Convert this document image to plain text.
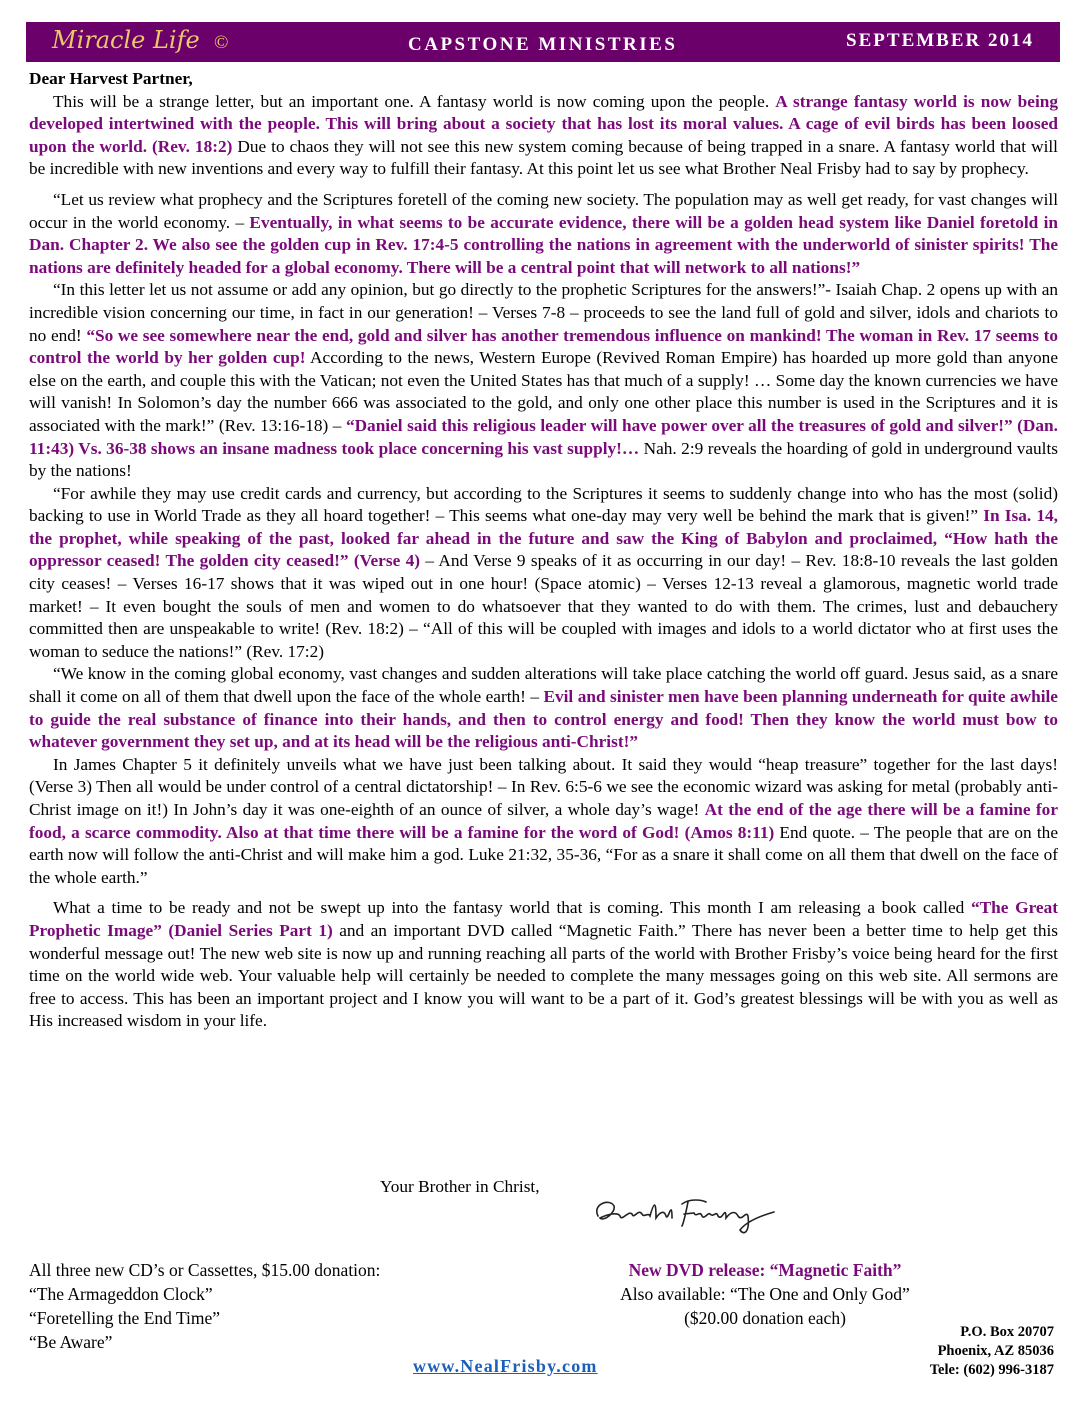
Miracle Life ©	CAPSTONE MINISTRIES	SEPTEMBER 2014
Dear Harvest Partner,

This will be a strange letter, but an important one. A fantasy world is now coming upon the people. A strange fantasy world is now being developed intertwined with the people. This will bring about a society that has lost its moral values. A cage of evil birds has been loosed upon the world. (Rev. 18:2) Due to chaos they will not see this new system coming because of being trapped in a snare. A fantasy world that will be incredible with new inventions and every way to fulfill their fantasy. At this point let us see what Brother Neal Frisby had to say by prophecy.

“Let us review what prophecy and the Scriptures foretell of the coming new society. The population may as well get ready, for vast changes will occur in the world economy. – Eventually, in what seems to be accurate evidence, there will be a golden head system like Daniel foretold in Dan. Chapter 2. We also see the golden cup in Rev. 17:4-5 controlling the nations in agreement with the underworld of sinister spirits! The nations are definitely headed for a global economy. There will be a central point that will network to all nations!”

“In this letter let us not assume or add any opinion, but go directly to the prophetic Scriptures for the answers!”- Isaiah Chap. 2 opens up with an incredible vision concerning our time, in fact in our generation! – Verses 7-8 – proceeds to see the land full of gold and silver, idols and chariots to no end! “So we see somewhere near the end, gold and silver has another tremendous influence on mankind! The woman in Rev. 17 seems to control the world by her golden cup! According to the news, Western Europe (Revived Roman Empire) has hoarded up more gold than anyone else on the earth, and couple this with the Vatican; not even the United States has that much of a supply! … Some day the known currencies we have will vanish! In Solomon’s day the number 666 was associated to the gold, and only one other place this number is used in the Scriptures and it is associated with the mark!” (Rev. 13:16-18) – “Daniel said this religious leader will have power over all the treasures of gold and silver!” (Dan. 11:43) Vs. 36-38 shows an insane madness took place concerning his vast supply!… Nah. 2:9 reveals the hoarding of gold in underground vaults by the nations!

“For awhile they may use credit cards and currency, but according to the Scriptures it seems to suddenly change into who has the most (solid) backing to use in World Trade as they all hoard together! – This seems what one-day may very well be behind the mark that is given!” In Isa. 14, the prophet, while speaking of the past, looked far ahead in the future and saw the King of Babylon and proclaimed, “How hath the oppressor ceased! The golden city ceased!” (Verse 4) – And Verse 9 speaks of it as occurring in our day! – Rev. 18:8-10 reveals the last golden city ceases! – Verses 16-17 shows that it was wiped out in one hour! (Space atomic) – Verses 12-13 reveal a glamorous, magnetic world trade market! – It even bought the souls of men and women to do whatsoever that they wanted to do with them. The crimes, lust and debauchery committed then are unspeakable to write! (Rev. 18:2) – “All of this will be coupled with images and idols to a world dictator who at first uses the woman to seduce the nations!” (Rev. 17:2)

“We know in the coming global economy, vast changes and sudden alterations will take place catching the world off guard. Jesus said, as a snare shall it come on all of them that dwell upon the face of the whole earth! – Evil and sinister men have been planning underneath for quite awhile to guide the real substance of finance into their hands, and then to control energy and food! Then they know the world must bow to whatever government they set up, and at its head will be the religious anti-Christ!”

In James Chapter 5 it definitely unveils what we have just been talking about. It said they would “heap treasure” together for the last days! (Verse 3) Then all would be under control of a central dictatorship! – In Rev. 6:5-6 we see the economic wizard was asking for metal (probably anti-Christ image on it!) In John’s day it was one-eighth of an ounce of silver, a whole day’s wage! At the end of the age there will be a famine for food, a scarce commodity. Also at that time there will be a famine for the word of God! (Amos 8:11) End quote. – The people that are on the earth now will follow the anti-Christ and will make him a god. Luke 21:32, 35-36, “For as a snare it shall come on all them that dwell on the face of the whole earth.”

What a time to be ready and not be swept up into the fantasy world that is coming. This month I am releasing a book called “The Great Prophetic Image” (Daniel Series Part 1) and an important DVD called “Magnetic Faith.” There has never been a better time to help get this wonderful message out! The new web site is now up and running reaching all parts of the world with Brother Frisby’s voice being heard for the first time on the world wide web. Your valuable help will certainly be needed to complete the many messages going on this web site. All sermons are free to access. This has been an important project and I know you will want to be a part of it. God’s greatest blessings will be with you as well as His increased wisdom in your life.

Your Brother in Christ,	Gerald Frisby
All three new CD’s or Cassettes, $15.00 donation:
“The Armageddon Clock”
“Foretelling the End Time”
“Be Aware”
New DVD release: “Magnetic Faith”
Also available: “The One and Only God”
($20.00 donation each)
www.NealFrisby.com
P.O. Box 20707
Phoenix, AZ 85036
Tele: (602) 996-3187
